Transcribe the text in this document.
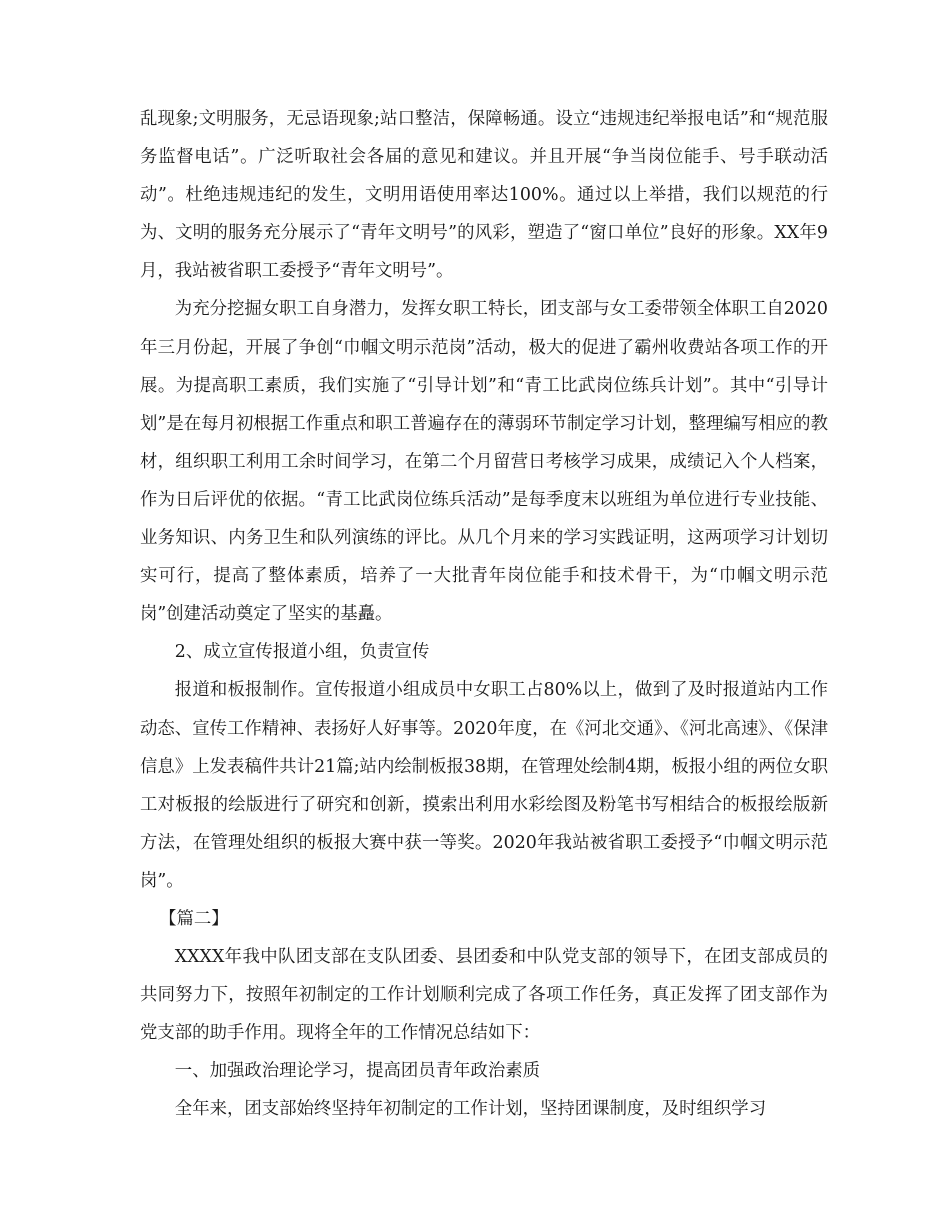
乱现象;文明服务，无忌语现象;站口整洁，保障畅通。设立“违规违纪举报电话”和“规范服务监督电话”。广泛听取社会各届的意见和建议。并且开展“争当岗位能手、号手联动活动”。杜绝违规违纪的发生，文明用语使用率达100%。通过以上举措，我们以规范的行为、文明的服务充分展示了“青年文明号”的风彩，塑造了“窗口单位”良好的形象。XX年9月，我站被省职工委授予“青年文明号”。

为充分挖掘女职工自身潜力，发挥女职工特长，团支部与女工委带领全体职工自2020年三月份起，开展了争创“巾帼文明示范岗”活动，极大的促进了霸州收费站各项工作的开展。为提高职工素质，我们实施了“引导计划”和“青工比武岗位练兵计划”。其中“引导计划”是在每月初根据工作重点和职工普遍存在的薄弱环节制定学习计划，整理编写相应的教材，组织职工利用工余时间学习，在第二个月留营日考核学习成果，成绩记入个人档案，作为日后评优的依据。“青工比武岗位练兵活动”是每季度末以班组为单位进行专业技能、业务知识、内务卫生和队列演练的评比。从几个月来的学习实践证明，这两项学习计划切实可行，提高了整体素质，培养了一大批青年岗位能手和技术骨干，为“巾帼文明示范岗”创建活动奠定了坚实的基矗。

2、成立宣传报道小组，负责宣传

报道和板报制作。宣传报道小组成员中女职工占80%以上，做到了及时报道站内工作动态、宣传工作精神、表扬好人好事等。2020年度，在《河北交通》、《河北高速》、《保津信息》上发表稿件共计21篇;站内绘制板报38期，在管理处绘制4期，板报小组的两位女职工对板报的绘版进行了研究和创新，摸索出利用水彩绘图及粉笔书写相结合的板报绘版新方法，在管理处组织的板报大赛中获一等奖。2020年我站被省职工委授予“巾帼文明示范岗”。

【篇二】

XXXX年我中队团支部在支队团委、县团委和中队党支部的领导下，在团支部成员的共同努力下，按照年初制定的工作计划顺利完成了各项工作任务，真正发挥了团支部作为党支部的助手作用。现将全年的工作情况总结如下：

一、加强政治理论学习，提高团员青年政治素质

全年来，团支部始终坚持年初制定的工作计划，坚持团课制度，及时组织学习
